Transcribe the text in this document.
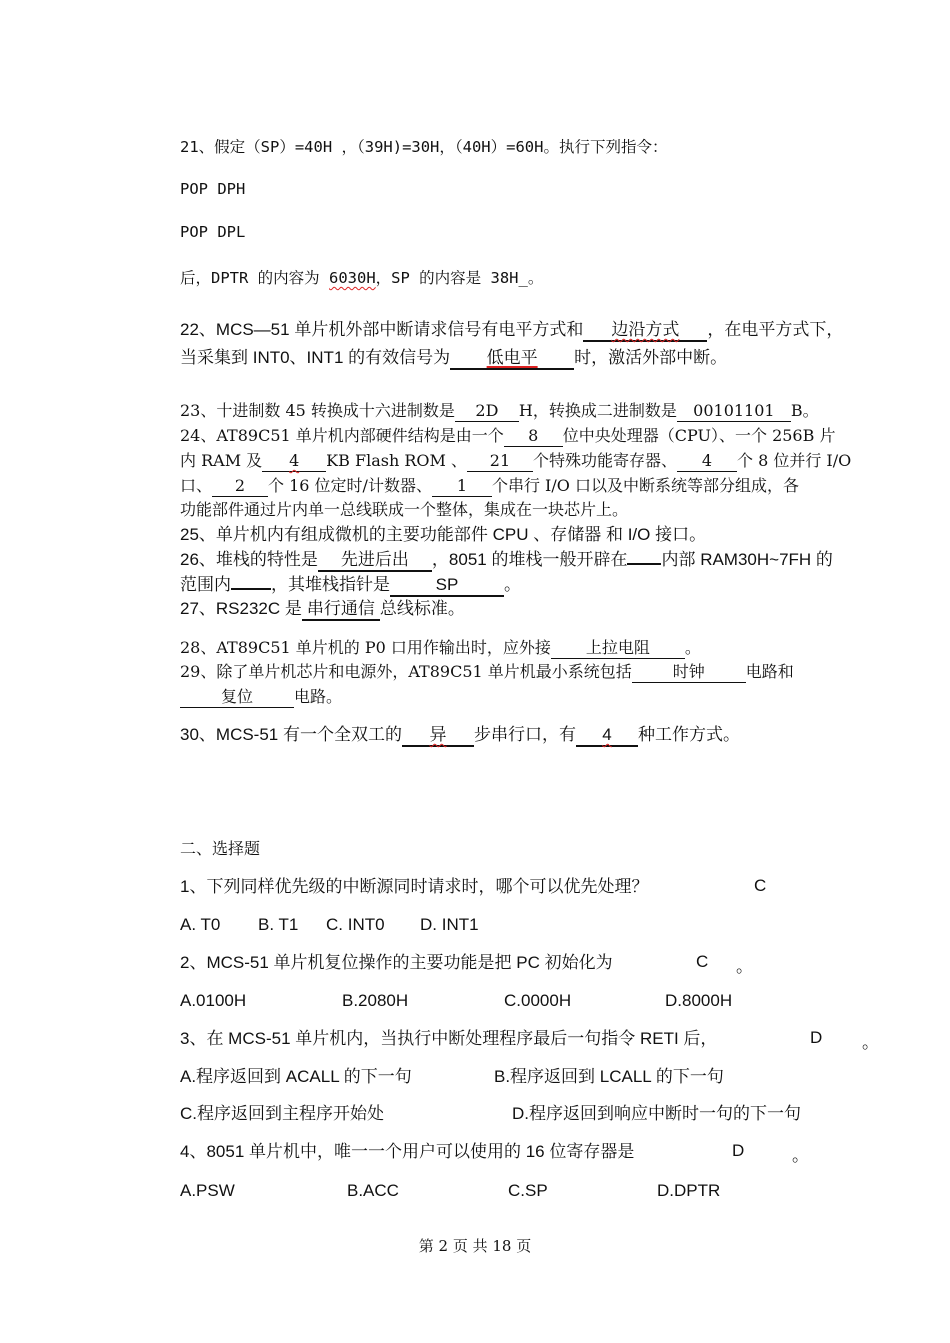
21、假定（SP）=40H ，（39H)=30H，（40H）=60H。执行下列指令：
POP DPH
POP DPL
后，DPTR 的内容为 6030H，SP 的内容是 38H_。
22、MCS—51 单片机外部中断请求信号有电平方式和 边沿方式 ，在电平方式下，
当采集到 INT0、INT1 的有效信号为 低电平 时，激活外部中断。
23、十进制数 45 转换成十六进制数是 2D H，转换成二进制数是 00101101 B。
24、AT89C51 单片机内部硬件结构是由一个 8 位中央处理器（CPU）、一个 256B 片
内 RAM 及 4 KB Flash ROM 、 21 个特殊功能寄存器、 4 个 8 位并行 I/O
口、 2 个 16 位定时/计数器、 1 个串行 I/O 口以及中断系统等部分组成，各
功能部件通过片内单一总线联成一个整体，集成在一块芯片上。
25、单片机内有组成微机的主要功能部件 CPU 、存储器 和 I/O 接口。
26、堆栈的特性是 先进后出 ，8051 的堆栈一般开辟在 内部 RAM30H~7FH 的
范围内 ，其堆栈指针是	SP	。
27、RS232C 是 串行通信 总线标准。
28、AT89C51 单片机的 P0 口用作输出时，应外接 上拉电阻 。
29、除了单片机芯片和电源外，AT89C51 单片机最小系统包括	时钟	电路和
复位	电路。
30、MCS-51 有一个全双工的 异 步串行口，有 4 种工作方式。
二、选择题
1、下列同样优先级的中断源同时请求时，哪个可以优先处理？	C
A. T0 B. T1 C. INT0 D. INT1
2、MCS-51 单片机复位操作的主要功能是把 PC 初始化为	C 。
A.0100H	B.2080H	C.0000H	D.8000H
3、在 MCS-51 单片机内，当执行中断处理程序最后一句指令 RETI 后，	D 。
A.程序返回到 ACALL 的下一句	B.程序返回到 LCALL 的下一句
C.程序返回到主程序开始处	D.程序返回到响应中断时一句的下一句
4、8051 单片机中，唯一一个用户可以使用的 16 位寄存器是	D	。
A.PSW	B.ACC	C.SP	D.DPTR
第 2 页 共 18 页
